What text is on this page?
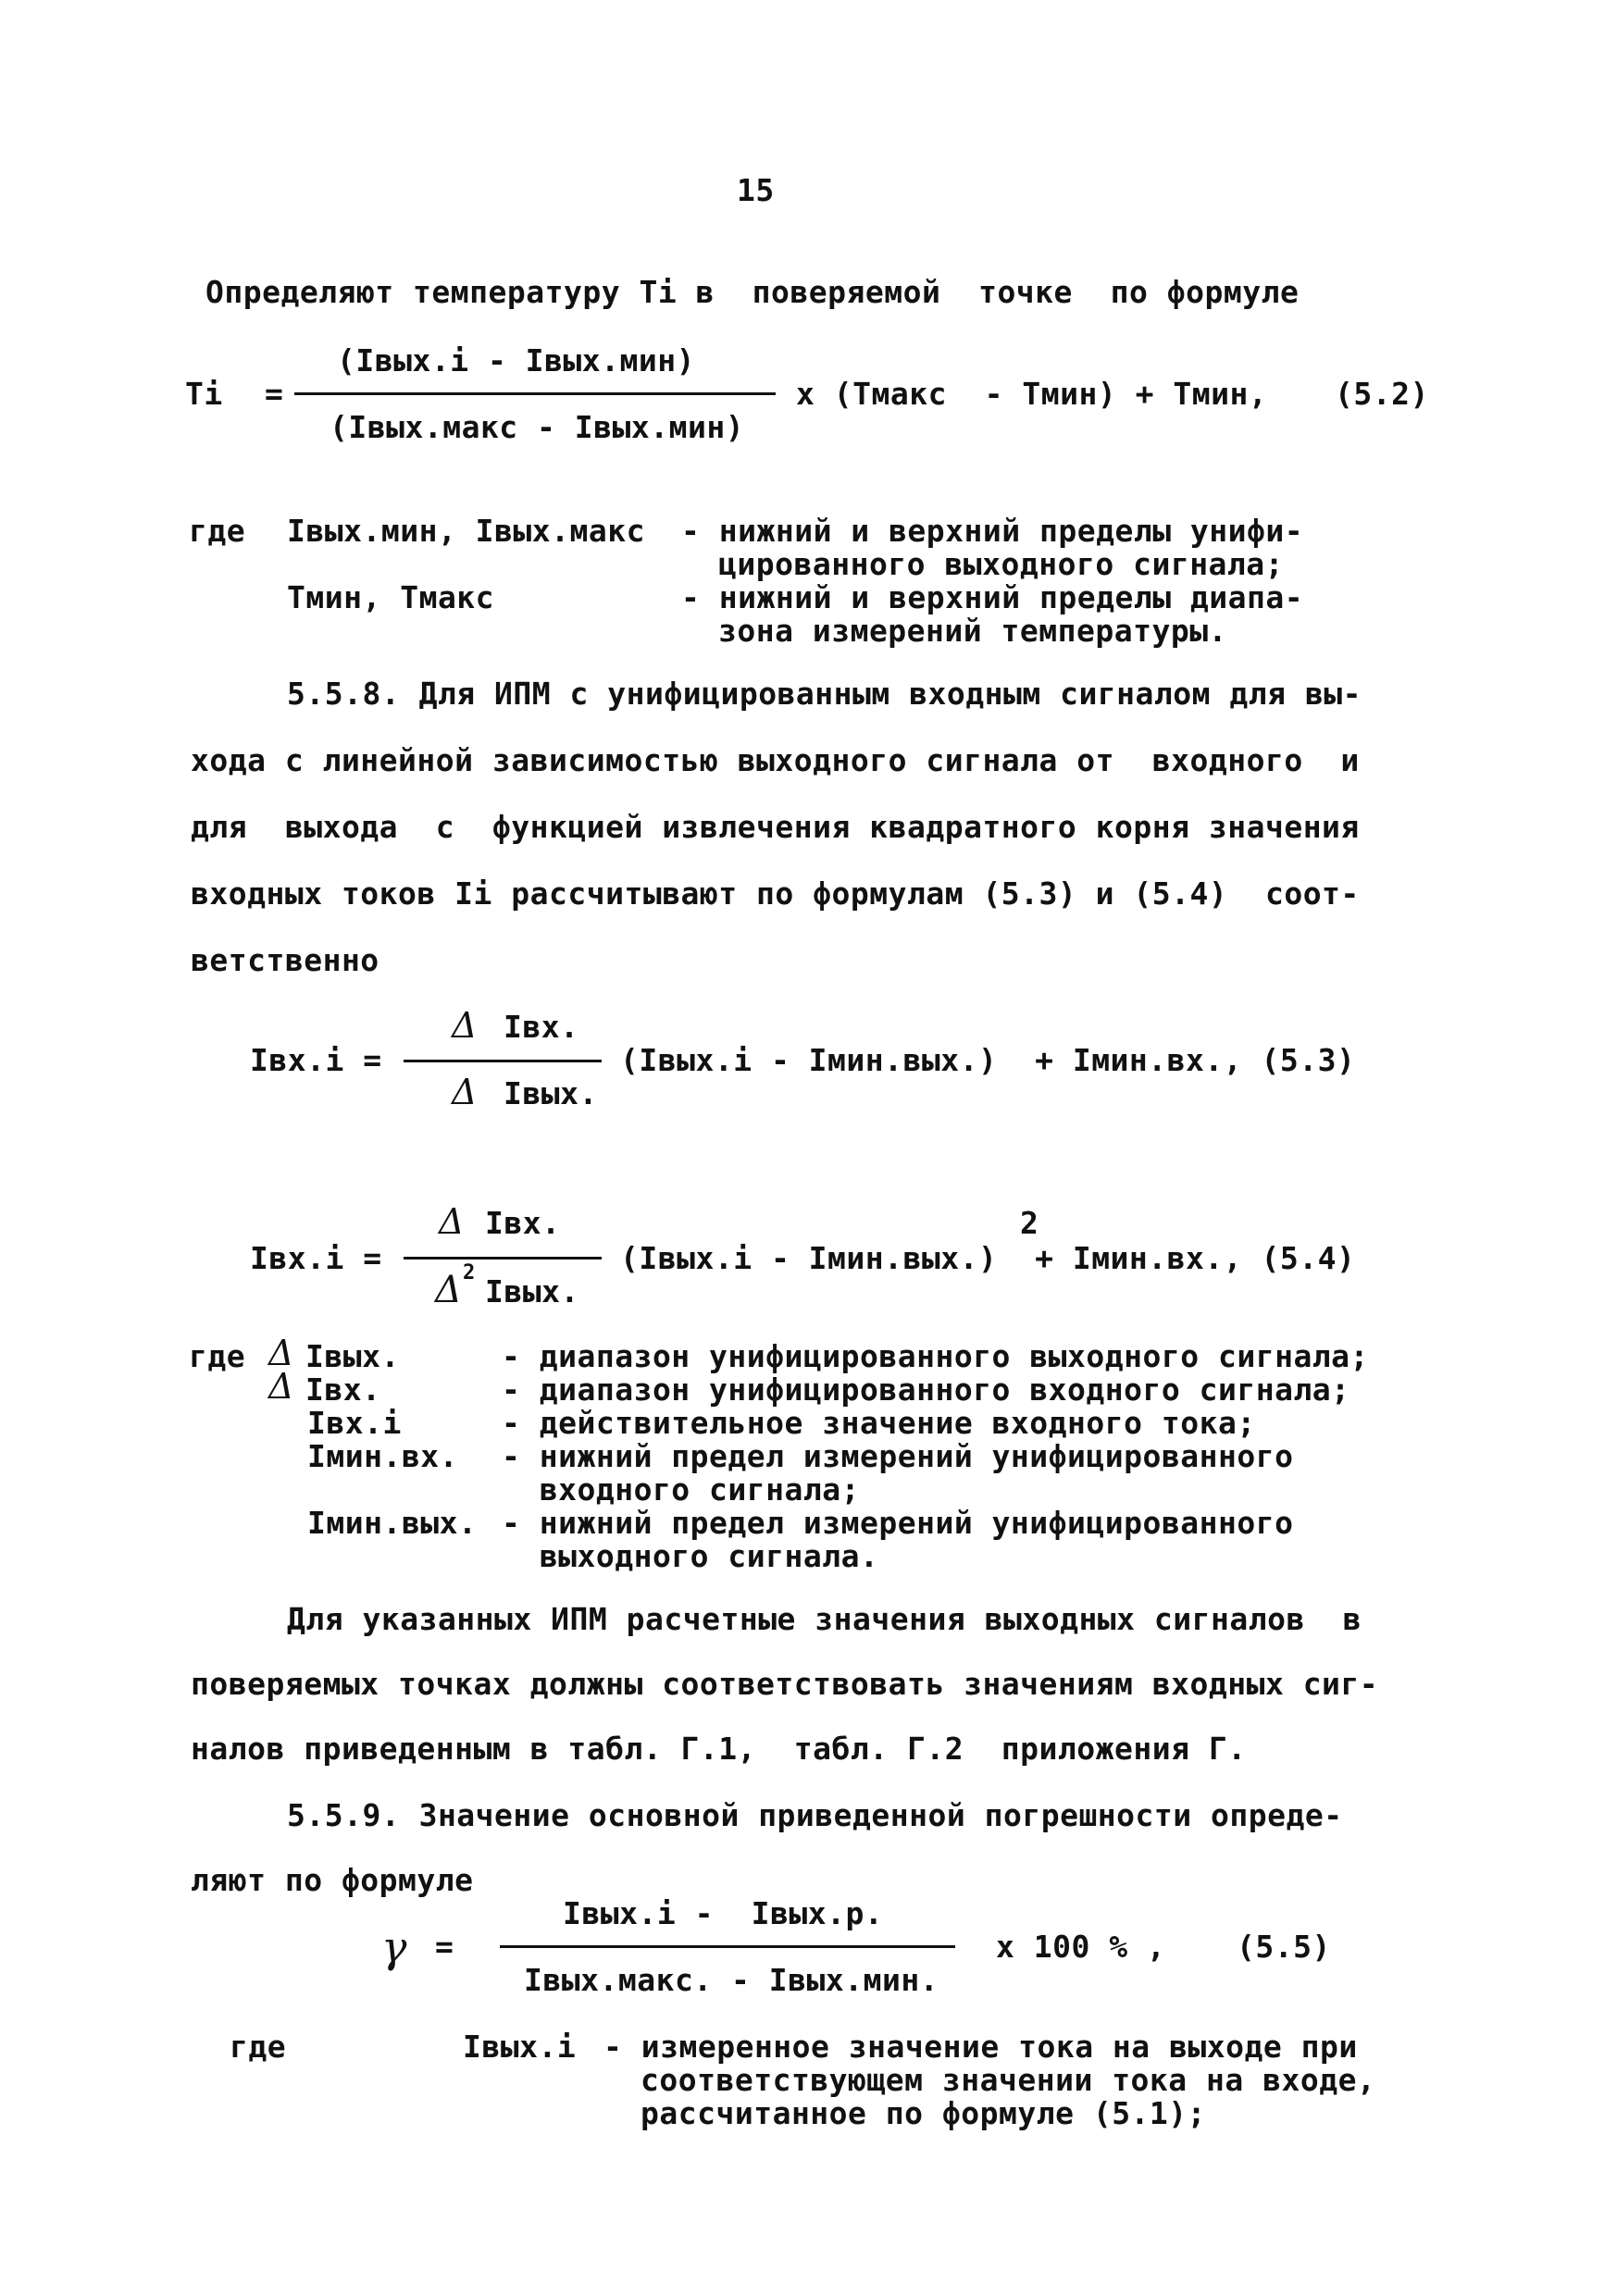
15
Определяют температуру Ti в  поверяемой  точке  по формуле
(Iвых.i - Iвых.мин)
Ti =	x (Тмакс  - Тмин) + Тмин, (5.2)
(Iвых.макс - Iвых.мин)
где Iвых.мин, Iвых.макс - нижний и верхний пределы унифи-
цированного выходного сигнала;
Тмин, Тмакс	- нижний и верхний пределы диапа-
зона измерений температуры.
5.5.8. Для ИПМ с унифицированным входным сигналом для вы-
хода с линейной зависимостью выходного сигнала от  входного  и
для  выхода  с  функцией извлечения квадратного корня значения
входных токов Ii рассчитывают по формулам (5.3) и (5.4)  соот-
ветственно
Δ Iвх.
Iвх.i =	(Iвых.i - Iмин.вых.)  + Iмин.вх., (5.3)
Δ Iвых.
Δ Iвх.	2
Iвх.i =	(Iвых.i - Iмин.вых.)  + Iмин.вх., (5.4)
Δ 2
Iвых.
где Δ Iвых.	- диапазон унифицированного выходного сигнала;
Δ Iвх.	- диапазон унифицированного входного сигнала;
Iвх.i	- действительное значение входного тока;
Iмин.вх. - нижний предел измерений унифицированного
входного сигнала;
Iмин.вых. - нижний предел измерений унифицированного
выходного сигнала.
Для указанных ИПМ расчетные значения выходных сигналов  в
поверяемых точках должны соответствовать значениям входных сиг-
налов приведенным в табл. Г.1,  табл. Г.2  приложения Г.
5.5.9. Значение основной приведенной погрешности опреде-
ляют по формуле
Iвых.i -  Iвых.р.
γ =	x 100 % , (5.5)
Iвых.макс. - Iвых.мин.
где	Iвых.i - измеренное значение тока на выходе при
соответствующем значении тока на входе,
рассчитанное по формуле (5.1);
